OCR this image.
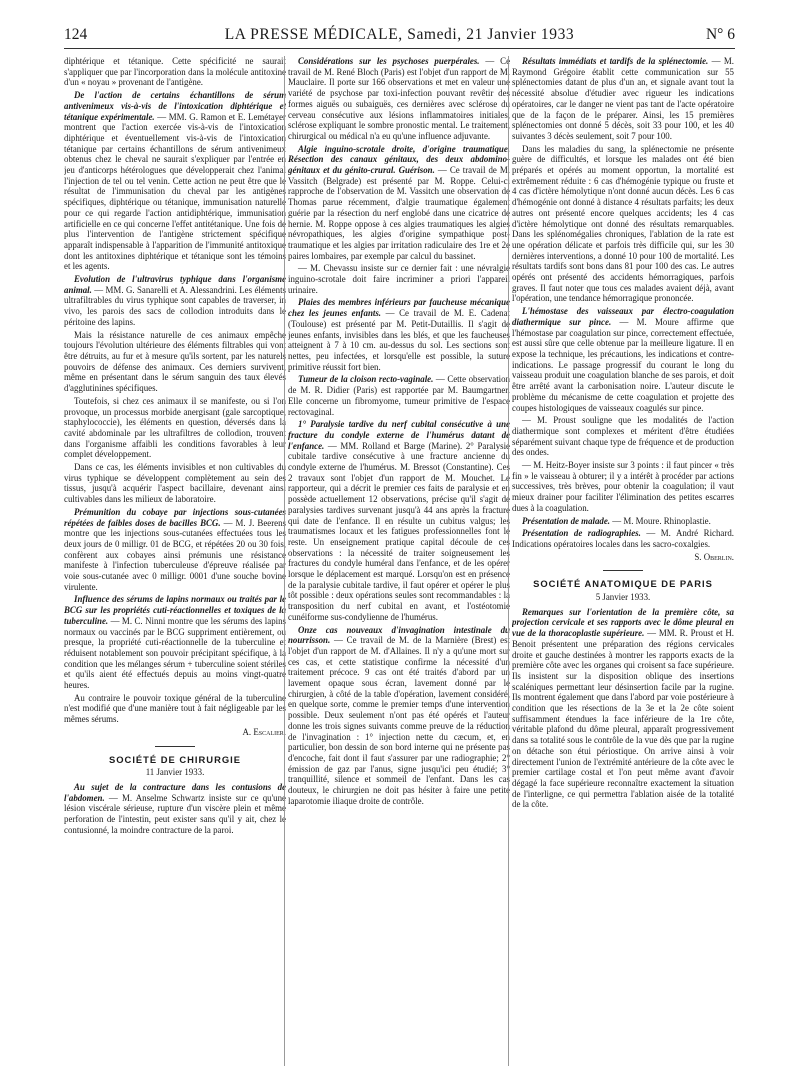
124	LA PRESSE MÉDICALE, Samedi, 21 Janvier 1933	N° 6

diphtérique et tétanique. Cette spécificité ne saurait s'appliquer que par l'incorporation dans la molécule antitoxine d'un « noyau » provenant de l'antigène.

De l'action de certains échantillons de sérum antivenimeux vis-à-vis de l'intoxication diphtérique et tétanique expérimentale. — MM. G. Ramon et E. Lemétayer montrent que l'action exercée vis-à-vis de l'intoxication diphtérique et éventuellement vis-à-vis de l'intoxication tétanique par certains échantillons de sérum antivenimeux obtenus chez le cheval ne saurait s'expliquer par l'entrée en jeu d'anticorps hétérologues que développerait chez l'animal l'injection de tel ou tel venin. Cette action ne peut être que le résultat de l'immunisation du cheval par les antigènes spécifiques, diphtérique ou tétanique, immunisation naturelle pour ce qui regarde l'action antidiphtérique, immunisation artificielle en ce qui concerne l'effet antitétanique. Une fois de plus l'intervention de l'antigène strictement spécifique apparaît indispensable à l'apparition de l'immunité antitoxique dont les antitoxines diphtérique et tétanique sont les témoins et les agents.

Evolution de l'ultravirus typhique dans l'organisme animal. — MM. G. Sanarelli et A. Alessandrini. Les éléments ultrafiltrables du virus typhique sont capables de traverser, in vivo, les parois des sacs de collodion introduits dans le péritoine des lapins.

Mais la résistance naturelle de ces animaux empêche toujours l'évolution ultérieure des éléments filtrables qui vont être détruits, au fur et à mesure qu'ils sortent, par les naturels pouvoirs de défense des animaux. Ces derniers survivent, même en présentant dans le sérum sanguin des taux élevés d'agglutinines spécifiques.

Toutefois, si chez ces animaux il se manifeste, ou si l'on provoque, un processus morbide anergisant (gale sarcoptique, staphylococcie), les éléments en question, déversés dans la cavité abdominale par les ultrafiltres de collodion, trouvent dans l'organisme affaibli les conditions favorables à leur complet développement.

Dans ce cas, les éléments invisibles et non cultivables du virus typhique se développent complètement au sein des tissus, jusqu'à acquérir l'aspect bacillaire, devenant ainsi cultivables dans les milieux de laboratoire.

Prémunition du cobaye par injections sous-cutanées répétées de faibles doses de bacilles BCG. — M. J. Beerens montre que les injections sous-cutanées effectuées tous les deux jours de 0 milligr. 01 de BCG, et répétées 20 ou 30 fois, confèrent aux cobayes ainsi prémunis une résistance manifeste à l'infection tuberculeuse d'épreuve réalisée par voie sous-cutanée avec 0 milligr. 0001 d'une souche bovine virulente.

Influence des sérums de lapins normaux ou traités par le BCG sur les propriétés cuti-réactionnelles et toxiques de la tuberculine. — M. C. Ninni montre que les sérums des lapins normaux ou vaccinés par le BCG suppriment entièrement, ou presque, la propriété cuti-réactionnelle de la tuberculine et réduisent notablement son pouvoir précipitant spécifique, à la condition que les mélanges sérum + tuberculine soient stériles et qu'ils aient été effectués depuis au moins vingt-quatre heures.

Au contraire le pouvoir toxique général de la tuberculine n'est modifié que d'une manière tout à fait négligeable par les mêmes sérums.

A. Escalier.
SOCIÉTÉ DE CHIRURGIE
11 Janvier 1933.

Au sujet de la contracture dans les contusions de l'abdomen. — M. Anselme Schwartz insiste sur ce qu'une lésion viscérale sérieuse, rupture d'un viscère plein et même perforation de l'intestin, peut exister sans qu'il y ait, chez le contusionné, la moindre contracture de la paroi.

Considérations sur les psychoses puerpérales. — Ce travail de M. René Bloch (Paris) est l'objet d'un rapport de M. Mauclaire. Il porte sur 166 observations et met en valeur une variété de psychose par toxi-infection pouvant revêtir des formes aiguës ou subaiguës, ces dernières avec sclérose du cerveau consécutive aux lésions inflammatoires initiales, sclérose expliquant le sombre pronostic mental. Le traitement, chirurgical ou médical n'a eu qu'une influence adjuvante.

Algie inguino-scrotale droite, d'origine traumatique. Résection des canaux génitaux, des deux abdomino-génitaux et du génito-crural. Guérison. — Ce travail de M. Vassitch (Belgrade) est présenté par M. Roppe. Celui-ci rapproche de l'observation de M. Vassitch une observation de Thomas parue récemment, d'algie traumatique également guérie par la résection du nerf englobé dans une cicatrice de hernie. M. Roppe oppose à ces algies traumatiques les algies névropathiques, les algies d'origine sympathique post-traumatique et les algies par irritation radiculaire des 1re et 2e paires lombaires, par exemple par calcul du bassinet.

— M. Chevassu insiste sur ce dernier fait : une névralgie inguino-scrotale doit faire incriminer a priori l'appareil urinaire.

Plaies des membres inférieurs par faucheuse mécanique chez les jeunes enfants. — Ce travail de M. E. Cadenat (Toulouse) est présenté par M. Petit-Dutaillis. Il s'agit de jeunes enfants, invisibles dans les blés, et que les faucheuses atteignent à 7 à 10 cm. au-dessus du sol. Les sections sont nettes, peu infectées, et lorsqu'elle est possible, la suture primitive réussit fort bien.

Tumeur de la cloison recto-vaginale. — Cette observation de M. R. Didier (Paris) est rapportée par M. Baumgartner. Elle concerne un fibromyome, tumeur primitive de l'espace rectovaginal.

1° Paralysie tardive du nerf cubital consécutive à une fracture du condyle externe de l'humérus datant de l'enfance. — MM. Rolland et Barge (Marine). 2° Paralysie cubitale tardive consécutive à une fracture ancienne du condyle externe de l'humérus. M. Bressot (Constantine). Ces 2 travaux sont l'objet d'un rapport de M. Mouchet. Le rapporteur, qui a décrit le premier ces faits de paralysie et en possède actuellement 12 observations, précise qu'il s'agit de paralysies tardives survenant jusqu'à 44 ans après la fracture qui date de l'enfance. Il en résulte un cubitus valgus; les traumatismes locaux et les fatigues professionnelles font le reste. Un enseignement pratique capital découle de ces observations : la nécessité de traiter soigneusement les fractures du condyle huméral dans l'enfance, et de les opérer lorsque le déplacement est marqué. Lorsqu'on est en présence de la paralysie cubitale tardive, il faut opérer et opérer le plus tôt possible : deux opérations seules sont recommandables : la transposition du nerf cubital en avant, et l'ostéotomie cunéiforme sus-condylienne de l'humérus.

Onze cas nouveaux d'invagination intestinale du nourrisson. — Ce travail de M. de la Marnière (Brest) est l'objet d'un rapport de M. d'Allaines. Il n'y a qu'une mort sur ces cas, et cette statistique confirme la nécessité d'un traitement précoce. 9 cas ont été traités d'abord par un lavement opaque sous écran, lavement donné par le chirurgien, à côté de la table d'opération, lavement considéré, en quelque sorte, comme le premier temps d'une intervention possible. Deux seulement n'ont pas été opérés et l'auteur donne les trois signes suivants comme preuve de la réduction de l'invagination : 1° injection nette du cæcum, et, en particulier, bon dessin de son bord interne qui ne présente pas d'encoche, fait dont il faut s'assurer par une radiographie; 2° émission de gaz par l'anus, signe jusqu'ici peu étudié; 3° tranquillité, silence et sommeil de l'enfant. Dans les cas douteux, le chirurgien ne doit pas hésiter à faire une petite laparotomie iliaque droite de contrôle.

Résultats immédiats et tardifs de la splénectomie. — M. Raymond Grégoire établit cette communication sur 55 splénectomies datant de plus d'un an, et signale avant tout la nécessité absolue d'étudier avec rigueur les indications opératoires, car le danger ne vient pas tant de l'acte opératoire que de la façon de le préparer. Ainsi, les 15 premières splénectomies ont donné 5 décès, soit 33 pour 100, et les 40 suivantes 3 décès seulement, soit 7 pour 100.

Dans les maladies du sang, la splénectomie ne présente guère de difficultés, et lorsque les malades ont été bien préparés et opérés au moment opportun, la mortalité est extrêmement réduite : 6 cas d'hémogénie typique ou fruste et 4 cas d'ictère hémolytique n'ont donné aucun décès. Les 6 cas d'hémogénie ont donné à distance 4 résultats parfaits; les deux autres ont présenté encore quelques accidents; les 4 cas d'ictère hémolytique ont donné des résultats remarquables. Dans les splénomégalies chroniques, l'ablation de la rate est une opération délicate et parfois très difficile qui, sur les 30 dernières interventions, a donné 10 pour 100 de mortalité. Les résultats tardifs sont bons dans 81 pour 100 des cas. Le autres opérés ont présenté des accidents hémorragiques, parfois graves. Il faut noter que tous ces malades avaient déjà, avant l'opération, une tendance hémorragique prononcée.

L'hémostase des vaisseaux par électro-coagulation diathermique sur pince. — M. Moure affirme que l'hémostase par coagulation sur pince, correctement effectuée, est aussi sûre que celle obtenue par la meilleure ligature. Il en expose la technique, les précautions, les indications et contre-indications. Le passage progressif du courant le long du vaisseau produit une coagulation blanche de ses parois, et doit être arrêté avant la carbonisation noire. L'auteur discute le problème du mécanisme de cette coagulation et projette des coupes histologiques de vaisseaux coagulés sur pince.

— M. Proust souligne que les modalités de l'action diathermique sont complexes et méritent d'être étudiées séparément suivant chaque type de fréquence et de production des ondes.

— M. Heitz-Boyer insiste sur 3 points : il faut pincer « très fin » le vaisseau à obturer; il y a intérêt à procéder par actions successives, très brèves, pour obtenir la coagulation; il vaut mieux drainer pour faciliter l'élimination des petites escarres dues à la coagulation.

Présentation de malade. — M. Moure. Rhinoplastie.

Présentation de radiographies. — M. André Richard. Indications opératoires locales dans les sacro-coxalgies.

S. Oberlin.
SOCIÉTÉ ANATOMIQUE DE PARIS
5 Janvier 1933.

Remarques sur l'orientation de la première côte, sa projection cervicale et ses rapports avec le dôme pleural en vue de la thoracoplastie supérieure. — MM. R. Proust et H. Benoit présentent une préparation des régions cervicales droite et gauche destinées à montrer les rapports exacts de la première côte avec les organes qui croisent sa face supérieure. Ils insistent sur la disposition oblique des insertions scaléniques permettant leur désinsertion facile par la rugine. Ils montrent également que dans l'abord par voie postérieure à condition que les résections de la 3e et la 2e côte soient suffisamment étendues la face inférieure de la 1re côte, véritable plafond du dôme pleural, apparaît progressivement dans sa totalité sous le contrôle de la vue dès que par la rugine on détache son étui périostique. On arrive ainsi à voir directement l'union de l'extrémité antérieure de la côte avec le premier cartilage costal et l'on peut même avant d'avoir dégagé la face supérieure reconnaître exactement la situation de l'interligne, ce qui permettra l'ablation aisée de la totalité de la côte.
